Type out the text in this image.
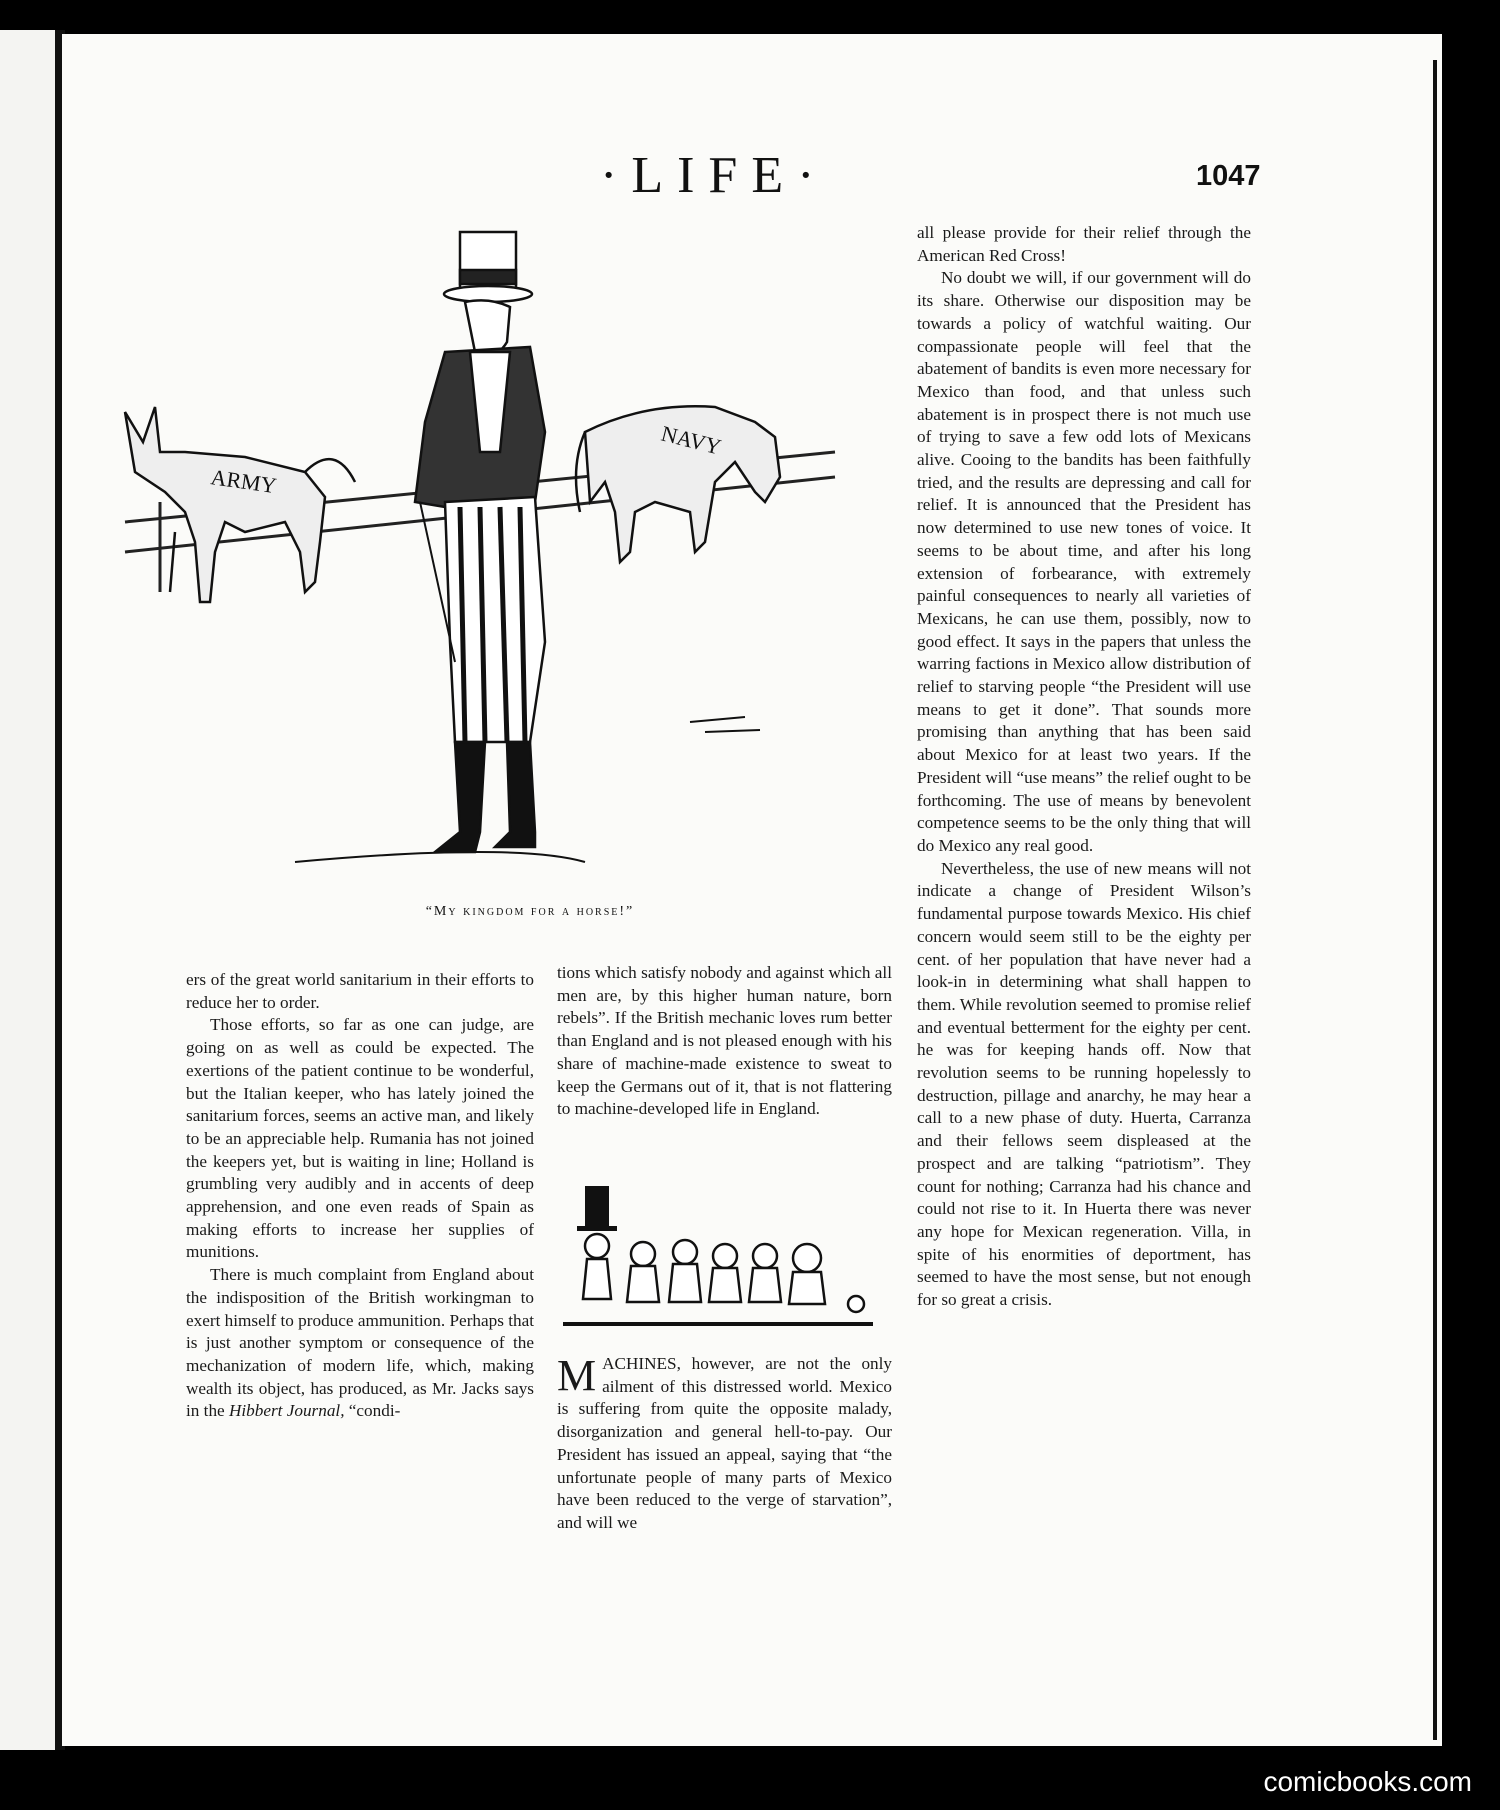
·LIFE·	1047
ARMY
NAVY
“My kingdom for a horse!”

ers of the great world sanitarium in their efforts to reduce her to order.

Those efforts, so far as one can judge, are going on as well as could be expected. The exertions of the patient continue to be wonderful, but the Italian keeper, who has lately joined the sanitarium forces, seems an active man, and likely to be an appreciable help. Rumania has not joined the keepers yet, but is waiting in line; Holland is grumbling very audibly and in accents of deep apprehension, and one even reads of Spain as making efforts to increase her supplies of munitions.

There is much complaint from England about the indisposition of the British workingman to exert himself to produce ammunition. Perhaps that is just another symptom or consequence of the mechanization of modern life, which, making wealth its object, has produced, as Mr. Jacks says in the Hibbert Journal, “condi-

tions which satisfy nobody and against which all men are, by this higher human nature, born rebels”. If the British mechanic loves rum better than England and is not pleased enough with his share of machine-made existence to sweat to keep the Germans out of it, that is not flattering to machine-developed life in England.

MACHINES, however, are not the only ailment of this distressed world. Mexico is suffering from quite the opposite malady, disorganization and general hell-to-pay. Our President has issued an appeal, saying that “the unfortunate people of many parts of Mexico have been reduced to the verge of starvation”, and will we

all please provide for their relief through the American Red Cross!

No doubt we will, if our government will do its share. Otherwise our disposition may be towards a policy of watchful waiting. Our compassionate people will feel that the abatement of bandits is even more necessary for Mexico than food, and that unless such abatement is in prospect there is not much use of trying to save a few odd lots of Mexicans alive. Cooing to the bandits has been faithfully tried, and the results are depressing and call for relief. It is announced that the President has now determined to use new tones of voice. It seems to be about time, and after his long extension of forbearance, with extremely painful consequences to nearly all varieties of Mexicans, he can use them, possibly, now to good effect. It says in the papers that unless the warring factions in Mexico allow distribution of relief to starving people “the President will use means to get it done”. That sounds more promising than anything that has been said about Mexico for at least two years. If the President will “use means” the relief ought to be forthcoming. The use of means by benevolent competence seems to be the only thing that will do Mexico any real good.

Nevertheless, the use of new means will not indicate a change of President Wilson’s fundamental purpose towards Mexico. His chief concern would seem still to be the eighty per cent. of her population that have never had a look-in in determining what shall happen to them. While revolution seemed to promise relief and eventual betterment for the eighty per cent. he was for keeping hands off. Now that revolution seems to be running hopelessly to destruction, pillage and anarchy, he may hear a call to a new phase of duty. Huerta, Carranza and their fellows seem displeased at the prospect and are talking “patriotism”. They count for nothing; Carranza had his chance and could not rise to it. In Huerta there was never any hope for Mexican regeneration. Villa, in spite of his enormities of deportment, has seemed to have the most sense, but not enough for so great a crisis.

comicbooks.com
